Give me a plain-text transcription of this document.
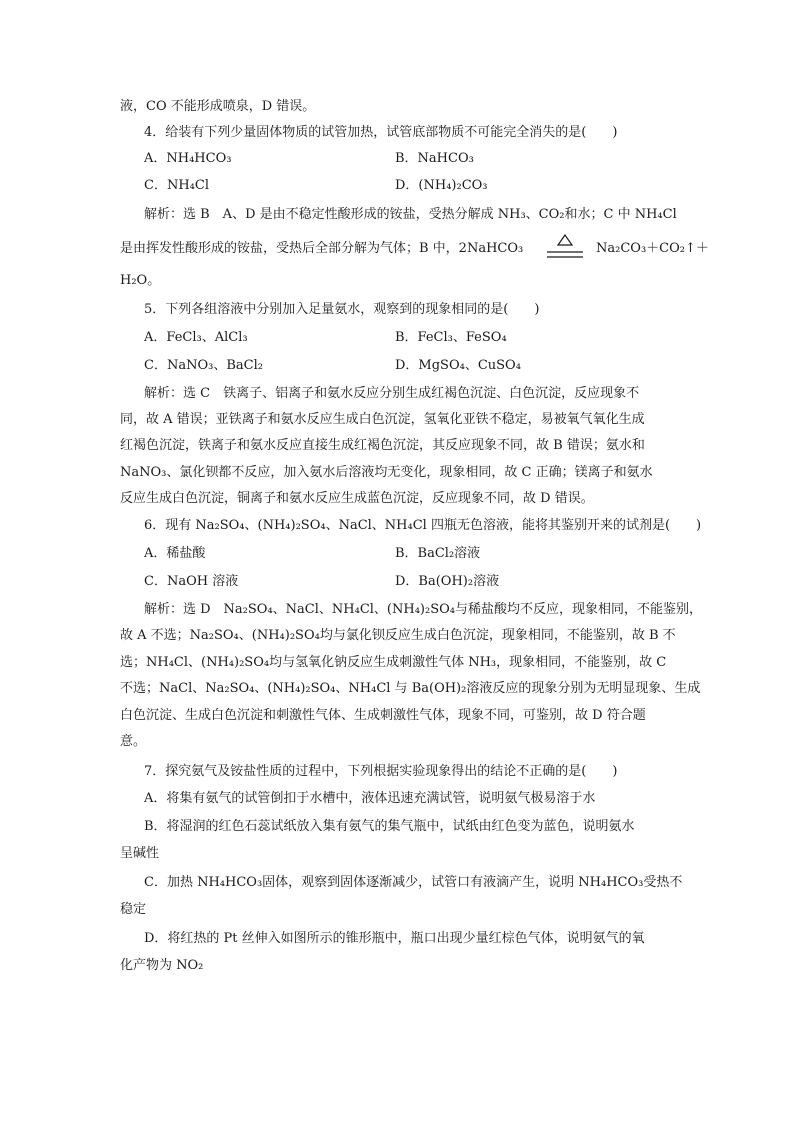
液，CO 不能形成喷泉，D 错误。
4．给装有下列少量固体物质的试管加热，试管底部物质不可能完全消失的是(　　)
A．NH₄HCO₃	B．NaHCO₃
C．NH₄Cl	D．(NH₄)₂CO₃
解析：选 B　A、D 是由不稳定性酸形成的铵盐，受热分解成 NH₃、CO₂和水；C 中 NH₄Cl
是由挥发性酸形成的铵盐，受热后全部分解为气体；B 中，2NaHCO₃	Na₂CO₃＋CO₂↑＋
H₂O。
5．下列各组溶液中分别加入足量氨水，观察到的现象相同的是(　　)
A．FeCl₃、AlCl₃	B．FeCl₃、FeSO₄
C．NaNO₃、BaCl₂	D．MgSO₄、CuSO₄
解析：选 C　铁离子、铝离子和氨水反应分别生成红褐色沉淀、白色沉淀，反应现象不
同，故 A 错误；亚铁离子和氨水反应生成白色沉淀，氢氧化亚铁不稳定，易被氧气氧化生成
红褐色沉淀，铁离子和氨水反应直接生成红褐色沉淀，其反应现象不同，故 B 错误；氨水和
NaNO₃、氯化钡都不反应，加入氨水后溶液均无变化，现象相同，故 C 正确；镁离子和氨水
反应生成白色沉淀，铜离子和氨水反应生成蓝色沉淀，反应现象不同，故 D 错误。
6．现有 Na₂SO₄、(NH₄)₂SO₄、NaCl、NH₄Cl 四瓶无色溶液，能将其鉴别开来的试剂是(　　)
A．稀盐酸	B．BaCl₂溶液
C．NaOH 溶液	D．Ba(OH)₂溶液
解析：选 D　Na₂SO₄、NaCl、NH₄Cl、(NH₄)₂SO₄与稀盐酸均不反应，现象相同，不能鉴别，
故 A 不选；Na₂SO₄、(NH₄)₂SO₄均与氯化钡反应生成白色沉淀，现象相同，不能鉴别，故 B 不
选；NH₄Cl、(NH₄)₂SO₄均与氢氧化钠反应生成刺激性气体 NH₃，现象相同，不能鉴别，故 C
不选；NaCl、Na₂SO₄、(NH₄)₂SO₄、NH₄Cl 与 Ba(OH)₂溶液反应的现象分别为无明显现象、生成
白色沉淀、生成白色沉淀和刺激性气体、生成刺激性气体，现象不同，可鉴别，故 D 符合题
意。
7．探究氨气及铵盐性质的过程中，下列根据实验现象得出的结论不正确的是(　　)
A．将集有氨气的试管倒扣于水槽中，液体迅速充满试管，说明氨气极易溶于水
B．将湿润的红色石蕊试纸放入集有氨气的集气瓶中，试纸由红色变为蓝色，说明氨水
呈碱性
C．加热 NH₄HCO₃固体，观察到固体逐渐减少，试管口有液滴产生，说明 NH₄HCO₃受热不
稳定
D．将红热的 Pt 丝伸入如图所示的锥形瓶中，瓶口出现少量红棕色气体，说明氨气的氧
化产物为 NO₂
